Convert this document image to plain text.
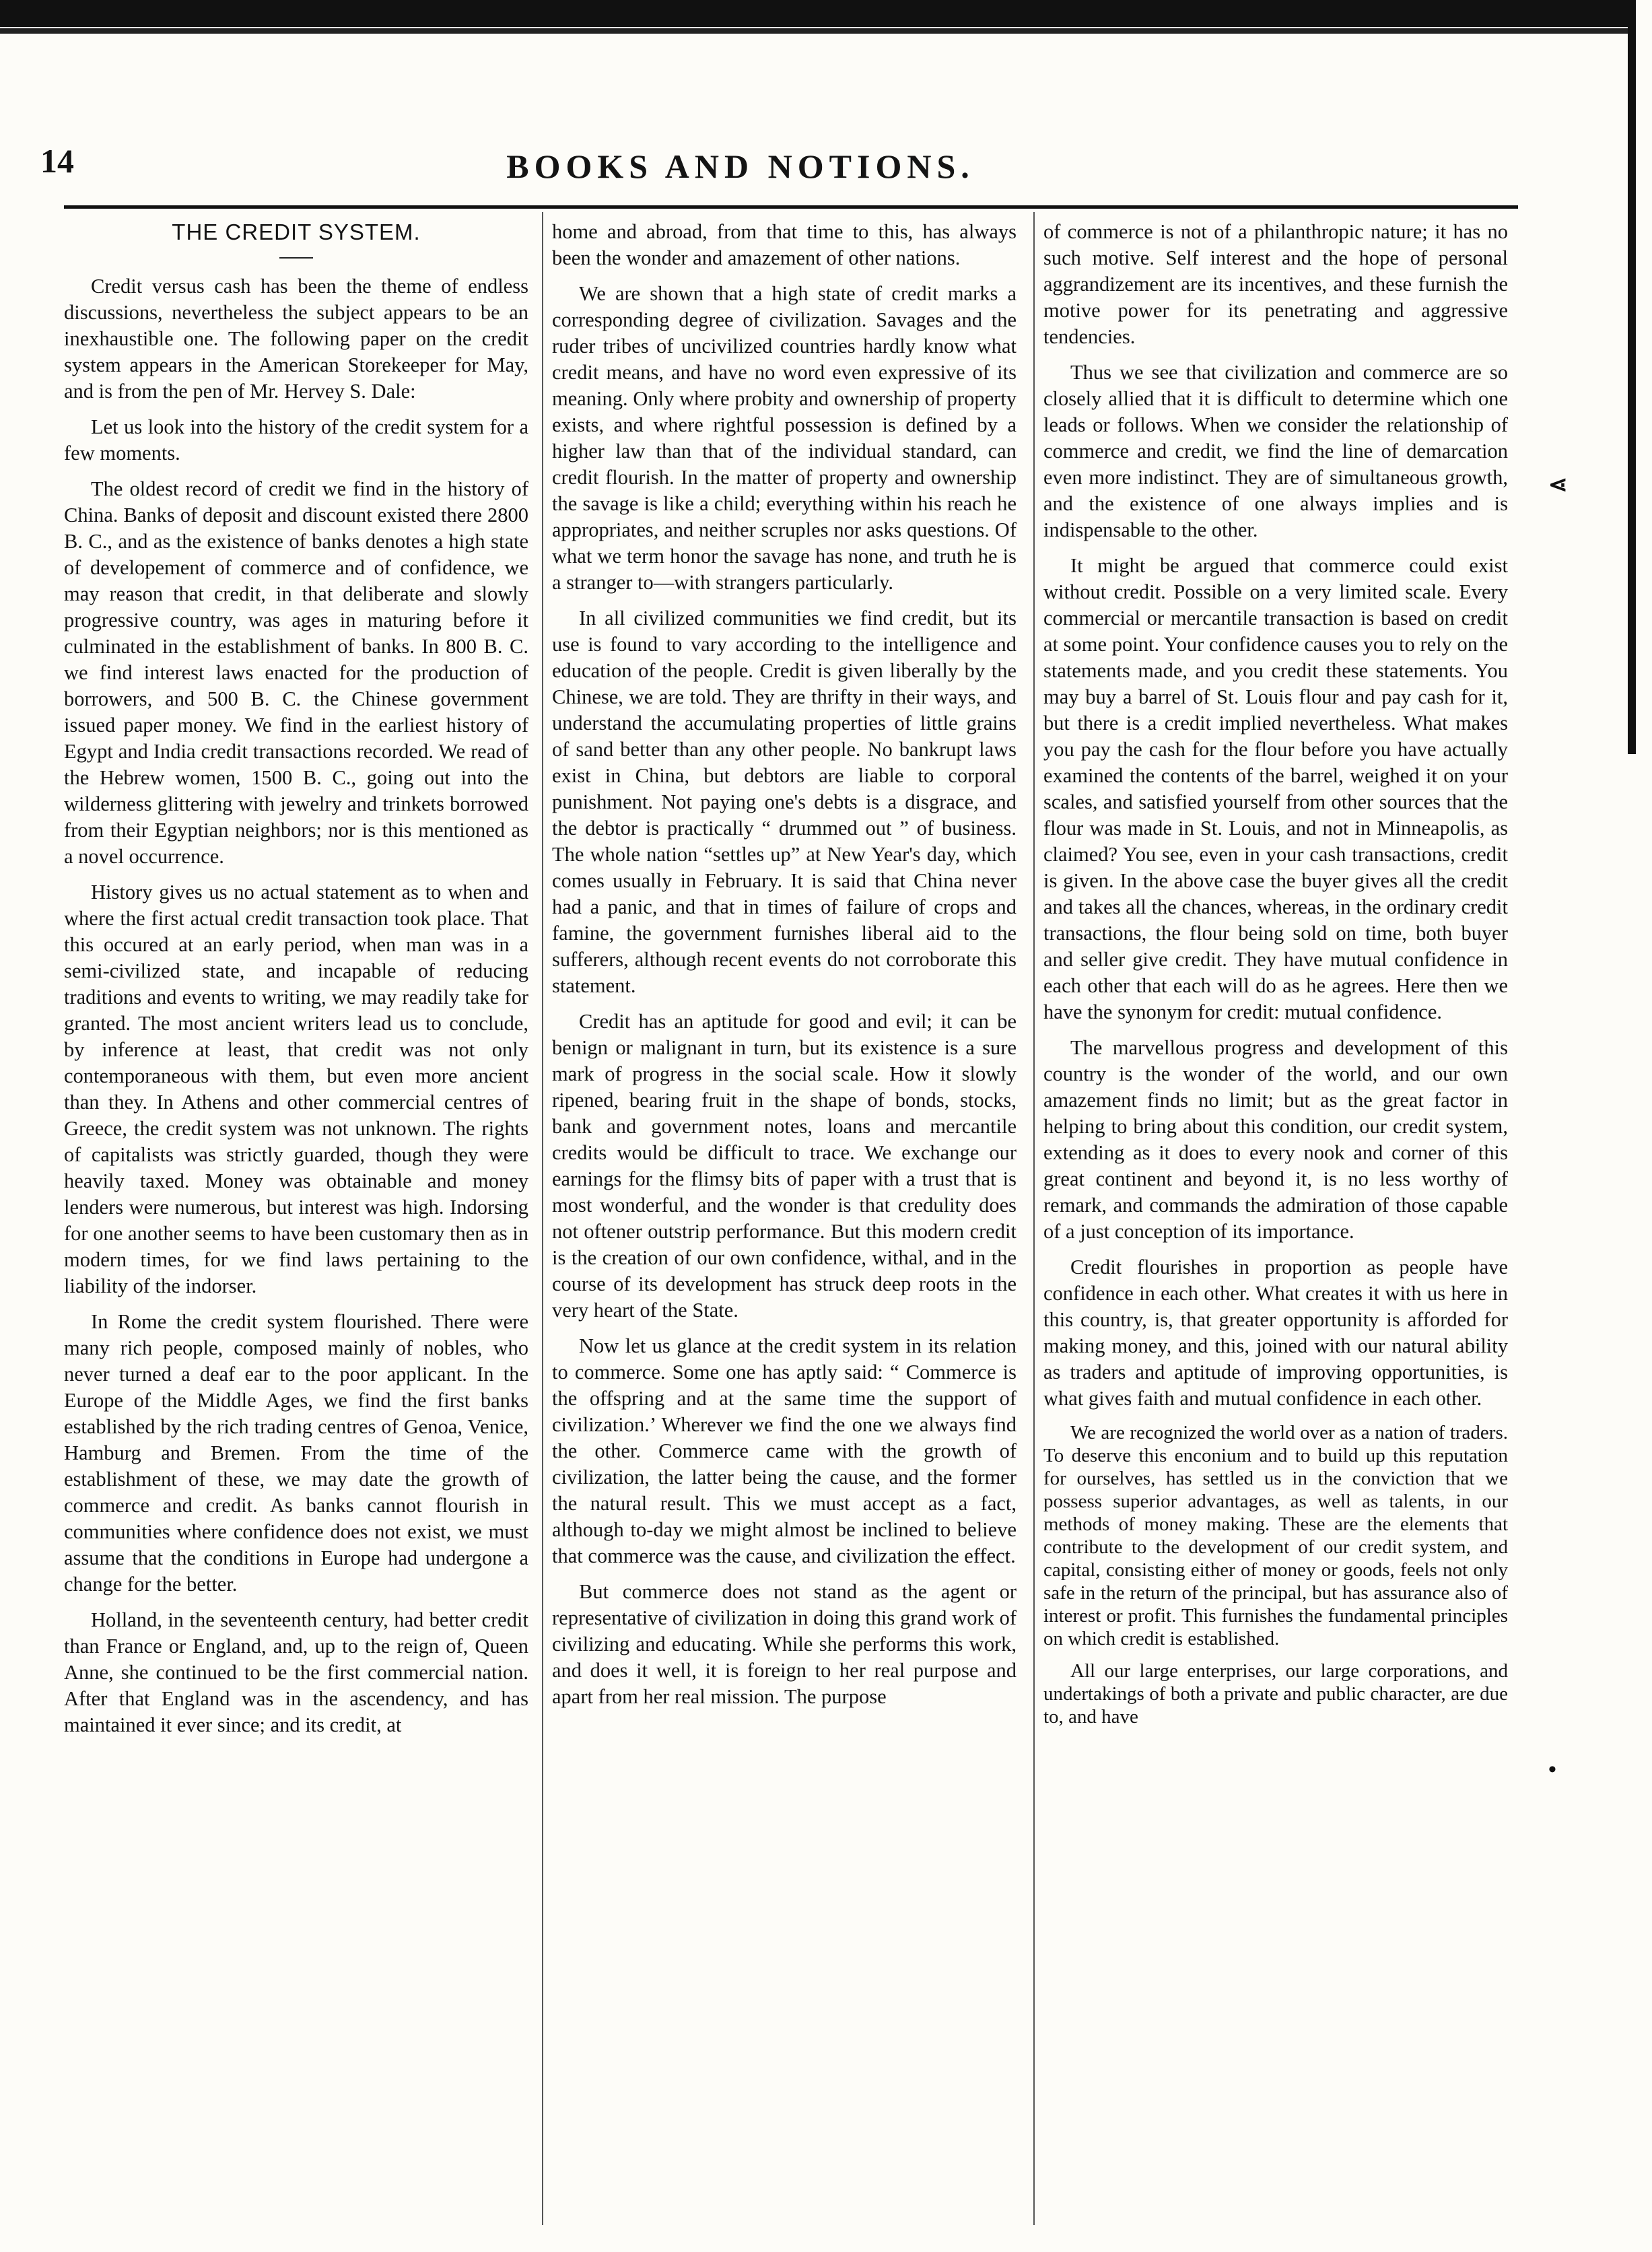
14	BOOKS AND NOTIONS.
THE CREDIT SYSTEM.

Credit versus cash has been the theme of endless discussions, nevertheless the subject appears to be an inexhaustible one. The following paper on the credit system appears in the American Storekeeper for May, and is from the pen of Mr. Hervey S. Dale:

Let us look into the history of the credit system for a few moments.

The oldest record of credit we find in the history of China. Banks of deposit and discount existed there 2800 B. C., and as the existence of banks denotes a high state of developement of commerce and of confidence, we may reason that credit, in that deliberate and slowly progressive country, was ages in maturing before it culminated in the establishment of banks. In 800 B. C. we find interest laws enacted for the production of borrowers, and 500 B. C. the Chinese government issued paper money. We find in the earliest history of Egypt and India credit transactions recorded. We read of the Hebrew women, 1500 B. C., going out into the wilderness glittering with jewelry and trinkets borrowed from their Egyptian neighbors; nor is this mentioned as a novel occurrence.

History gives us no actual statement as to when and where the first actual credit transaction took place. That this occured at an early period, when man was in a semi-civilized state, and incapable of reducing traditions and events to writing, we may readily take for granted. The most ancient writers lead us to conclude, by inference at least, that credit was not only contemporaneous with them, but even more ancient than they. In Athens and other commercial centres of Greece, the credit system was not unknown. The rights of capitalists was strictly guarded, though they were heavily taxed. Money was obtainable and money lenders were numerous, but interest was high. Indorsing for one another seems to have been customary then as in modern times, for we find laws pertaining to the liability of the indorser.

In Rome the credit system flourished. There were many rich people, composed mainly of nobles, who never turned a deaf ear to the poor applicant. In the Europe of the Middle Ages, we find the first banks established by the rich trading centres of Genoa, Venice, Hamburg and Bremen. From the time of the establishment of these, we may date the growth of commerce and credit. As banks cannot flourish in communities where confidence does not exist, we must assume that the conditions in Europe had undergone a change for the better.

Holland, in the seventeenth century, had better credit than France or England, and, up to the reign of, Queen Anne, she continued to be the first commercial nation. After that England was in the ascendency, and has maintained it ever since; and its credit, at

home and abroad, from that time to this, has always been the wonder and amazement of other nations.

We are shown that a high state of credit marks a corresponding degree of civilization. Savages and the ruder tribes of uncivilized countries hardly know what credit means, and have no word even expressive of its meaning. Only where probity and ownership of property exists, and where rightful possession is defined by a higher law than that of the individual standard, can credit flourish. In the matter of property and ownership the savage is like a child; everything within his reach he appropriates, and neither scruples nor asks questions. Of what we term honor the savage has none, and truth he is a stranger to—with strangers particularly.

In all civilized communities we find credit, but its use is found to vary according to the intelligence and education of the people. Credit is given liberally by the Chinese, we are told. They are thrifty in their ways, and understand the accumulating properties of little grains of sand better than any other people. No bankrupt laws exist in China, but debtors are liable to corporal punishment. Not paying one's debts is a disgrace, and the debtor is practically “ drummed out ” of business. The whole nation “settles up” at New Year's day, which comes usually in February. It is said that China never had a panic, and that in times of failure of crops and famine, the government furnishes liberal aid to the sufferers, although recent events do not corroborate this statement.

Credit has an aptitude for good and evil; it can be benign or malignant in turn, but its existence is a sure mark of progress in the social scale. How it slowly ripened, bearing fruit in the shape of bonds, stocks, bank and government notes, loans and mercantile credits would be difficult to trace. We exchange our earnings for the flimsy bits of paper with a trust that is most wonderful, and the wonder is that credulity does not oftener outstrip performance. But this modern credit is the creation of our own confidence, withal, and in the course of its development has struck deep roots in the very heart of the State.

Now let us glance at the credit system in its relation to commerce. Some one has aptly said: “ Commerce is the offspring and at the same time the support of civilization.’ Wherever we find the one we always find the other. Commerce came with the growth of civilization, the latter being the cause, and the former the natural result. This we must accept as a fact, although to-day we might almost be inclined to believe that commerce was the cause, and civilization the effect.

But commerce does not stand as the agent or representative of civilization in doing this grand work of civilizing and educating. While she performs this work, and does it well, it is foreign to her real purpose and apart from her real mission. The purpose

of commerce is not of a philanthropic nature; it has no such motive. Self interest and the hope of personal aggrandizement are its incentives, and these furnish the motive power for its penetrating and aggressive tendencies.

Thus we see that civilization and commerce are so closely allied that it is difficult to determine which one leads or follows. When we consider the relationship of commerce and credit, we find the line of demarcation even more indistinct. They are of simultaneous growth, and the existence of one always implies and is indispensable to the other.

It might be argued that commerce could exist without credit. Possible on a very limited scale. Every commercial or mercantile transaction is based on credit at some point. Your confidence causes you to rely on the statements made, and you credit these statements. You may buy a barrel of St. Louis flour and pay cash for it, but there is a credit implied nevertheless. What makes you pay the cash for the flour before you have actually examined the contents of the barrel, weighed it on your scales, and satisfied yourself from other sources that the flour was made in St. Louis, and not in Minneapolis, as claimed? You see, even in your cash transactions, credit is given. In the above case the buyer gives all the credit and takes all the chances, whereas, in the ordinary credit transactions, the flour being sold on time, both buyer and seller give credit. They have mutual confidence in each other that each will do as he agrees. Here then we have the synonym for credit: mutual confidence.

The marvellous progress and development of this country is the wonder of the world, and our own amazement finds no limit; but as the great factor in helping to bring about this condition, our credit system, extending as it does to every nook and corner of this great continent and beyond it, is no less worthy of remark, and commands the admiration of those capable of a just conception of its importance.

Credit flourishes in proportion as people have confidence in each other. What creates it with us here in this country, is, that greater opportunity is afforded for making money, and this, joined with our natural ability as traders and aptitude of improving opportunities, is what gives faith and mutual confidence in each other.

We are recognized the world over as a nation of traders. To deserve this enconium and to build up this reputation for ourselves, has settled us in the conviction that we possess superior advantages, as well as talents, in our methods of money making. These are the elements that contribute to the development of our credit system, and capital, consisting either of money or goods, feels not only safe in the return of the principal, but has assurance also of interest or profit. This furnishes the fundamental principles on which credit is established.

All our large enterprises, our large corporations, and undertakings of both a private and public character, are due to, and have

⋖
•
